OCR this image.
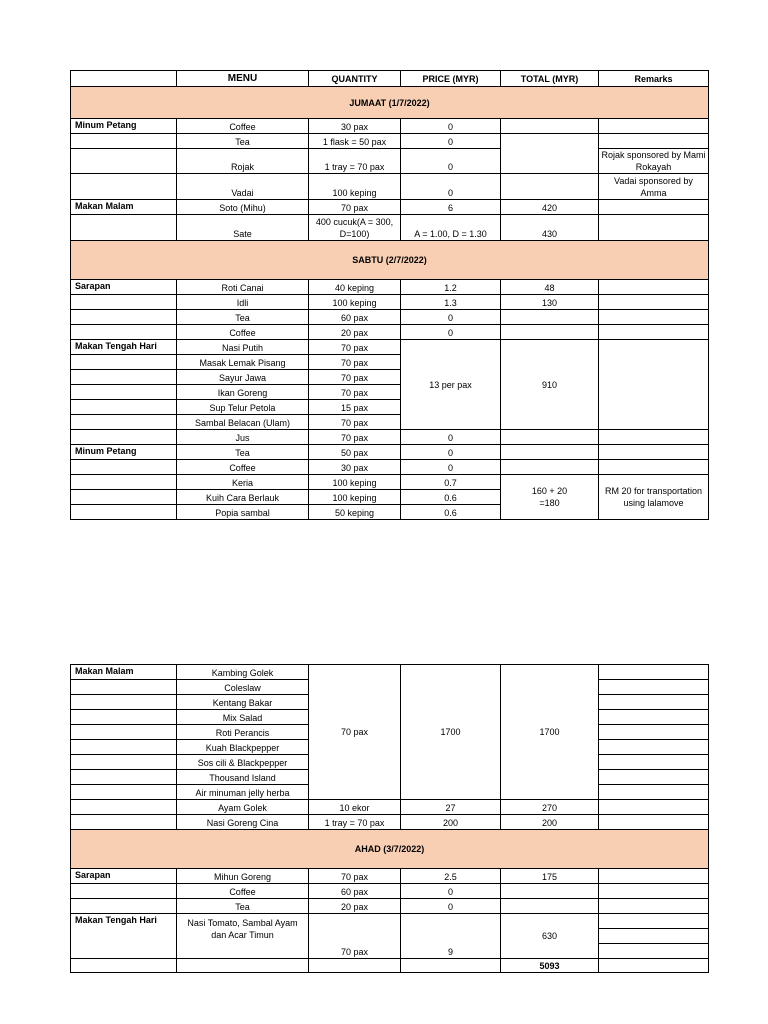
	MENU	QUANTITY	PRICE (MYR)	TOTAL (MYR)	Remarks
JUMAAT (1/7/2022)					
Minum Petang	Coffee	30 pax	0		
	Tea	1 flask = 50 pax	0		
	Rojak	1 tray = 70 pax	0		Rojak sponsored by Mami Rokayah
	Vadai	100 keping	0		Vadai sponsored by Amma
Makan Malam	Soto (Mihu)	70 pax	6	420	
	Sate	400 cucuk(A = 300, D=100)	A = 1.00, D = 1.30	430	
SABTU (2/7/2022)					
Sarapan	Roti Canai	40 keping	1.2	48	
	Idli	100 keping	1.3	130	
	Tea	60 pax	0		
	Coffee	20 pax	0		
Makan Tengah Hari	Nasi Putih	70 pax	13 per pax	910	
	Masak Lemak Pisang	70 pax			
	Sayur Jawa	70 pax			
	Ikan Goreng	70 pax			
	Sup Telur Petola	15 pax			
	Sambal Belacan (Ulam)	70 pax			
	Jus	70 pax	0		
Minum Petang	Tea	50 pax	0		
	Coffee	30 pax	0		
	Keria	100 keping	0.7	160 + 20 =180	RM 20 for transportation using lalamove
	Kuih Cara Berlauk	100 keping	0.6		
	Popia sambal	50 keping	0.6		
Makan Malam	Kambing Golek	70 pax	1700	1700	
	Coleslaw				
	Kentang Bakar				
	Mix Salad				
	Roti Perancis				
	Kuah Blackpepper				
	Sos cili & Blackpepper				
	Thousand Island				
	Air minuman jelly herba				
	Ayam Golek	10 ekor	27	270	
	Nasi Goreng Cina	1 tray = 70 pax	200	200	
AHAD (3/7/2022)					
Sarapan	Mihun Goreng	70 pax	2.5	175	
	Coffee	60 pax	0		
	Tea	20 pax	0		
Makan Tengah Hari	Nasi Tomato, Sambal Ayam dan Acar Timun	70 pax	9	630	

				5093	
